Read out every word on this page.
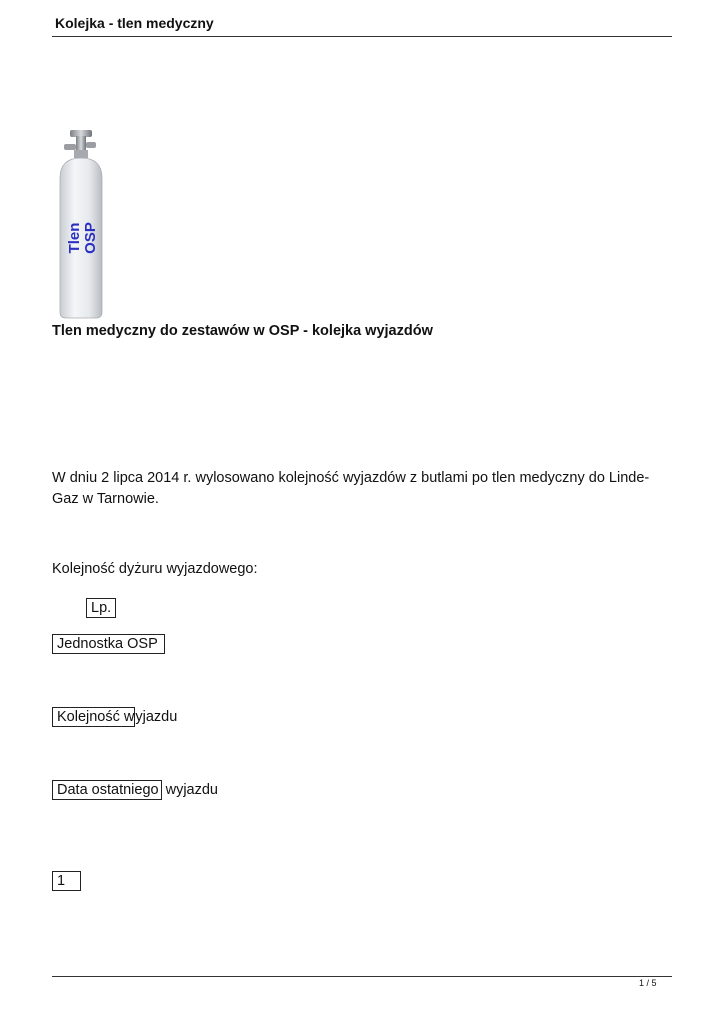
Kolejka - tlen medyczny
Tlen OSP
Tlen medyczny do zestawów w OSP - kolejka wyjazdów
W dniu 2 lipca 2014 r. wylosowano kolejność wyjazdów z butlami po tlen medyczny do Linde-Gaz w Tarnowie.
Kolejność dyżuru wyjazdowego:
Lp.
Jednostka OSP
Kolejność wyjazdu
Data ostatniego wyjazdu
1
1 / 5
